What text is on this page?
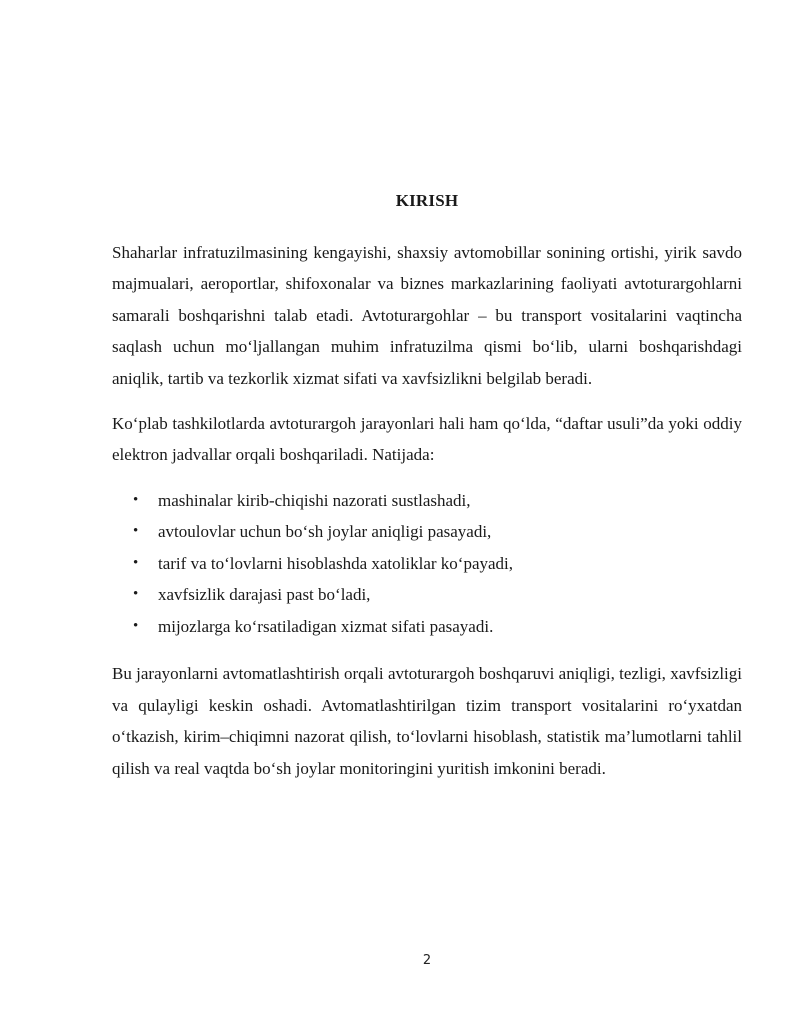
KIRISH

Shaharlar infratuzilmasining kengayishi, shaxsiy avtomobillar sonining ortishi, yirik savdo majmualari, aeroportlar, shifoxonalar va biznes markazlarining faoliyati avtoturargohlarni samarali boshqarishni talab etadi. Avtoturargohlar – bu transport vositalarini vaqtincha saqlash uchun mo‘ljallangan muhim infratuzilma qismi bo‘lib, ularni boshqarishdagi aniqlik, tartib va tezkorlik xizmat sifati va xavfsizlikni belgilab beradi.

Ko‘plab tashkilotlarda avtoturargoh jarayonlari hali ham qo‘lda, “daftar usuli”da yoki oddiy elektron jadvallar orqali boshqariladi. Natijada:

• mashinalar kirib-chiqishi nazorati sustlashadi,
• avtoulovlar uchun bo‘sh joylar aniqligi pasayadi,
• tarif va to‘lovlarni hisoblashda xatoliklar ko‘payadi,
• xavfsizlik darajasi past bo‘ladi,
• mijozlarga ko‘rsatiladigan xizmat sifati pasayadi.

Bu jarayonlarni avtomatlashtirish orqali avtoturargoh boshqaruvi aniqligi, tezligi, xavfsizligi va qulayligi keskin oshadi. Avtomatlashtirilgan tizim transport vositalarini ro‘yxatdan o‘tkazish, kirim–chiqimni nazorat qilish, to‘lovlarni hisoblash, statistik ma’lumotlarni tahlil qilish va real vaqtda bo‘sh joylar monitoringini yuritish imkonini beradi.

2
